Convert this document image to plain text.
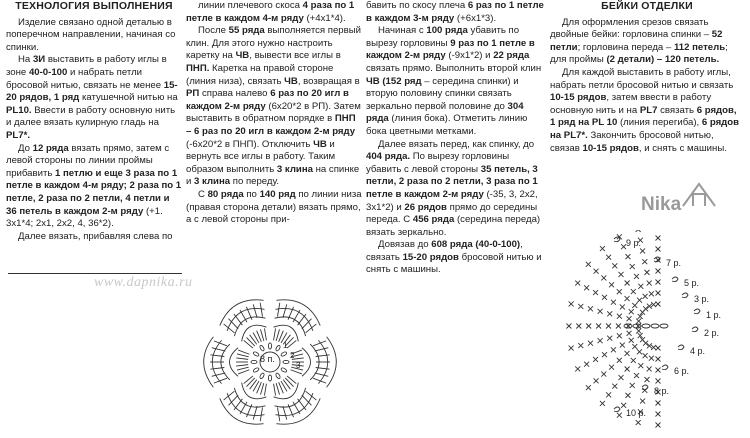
ТЕХНОЛОГИЯ ВЫПОЛНЕНИЯ

Изделие связано одной деталью в поперечном направлении, начиная со спинки.

На 3И выставить в работу иглы в зоне 40-0-100 и набрать петли бросовой нитью, связать не менее 15-20 рядов, 1 ряд катушечной нитью на PL10. Ввести в работу основную нить и далее вязать кулирную гладь на PL7*.

До 12 ряда вязать прямо, затем с левой стороны по линии проймы прибавить 1 петлю и еще 3 раза по 1 петле в каждом 4-м ряду; 2 раза по 1 петле, 2 раза по 2 петли, 4 петли и 36 петель в каждом 2-м ряду (+1. 3х1*4; 2х1, 2х2, 4, 36*2).

Далее вязать, прибавляя слева по

www.dapnika.ru

линии плечевого скоса 4 раза по 1 петле в каждом 4-м ряду (+4х1*4).

После 55 ряда выполняется первый клин. Для этого нужно настроить каретку на ЧВ, вывести все иглы в ПНП. Каретка на правой стороне (линия низа), связать ЧВ, возвращая в РП справа налево 6 раз по 20 игл в каждом 2-м ряду (6х20*2 в РП). Затем выставить в обратном порядке в ПНП – 6 раз по 20 игл в каждом 2-м ряду (-6х20*2 в ПНП). Отключить ЧВ и вернуть все иглы в работу. Таким образом выполнить 3 клина на спинке и 3 клина по переду.

С 80 ряда по 140 ряд по линии низа (правая сторона детали) вязать прямо, а с левой стороны при-

8 п.
1
2
3

бавить по скосу плеча 6 раз по 1 петле в каждом 3-м ряду (+6х1*3).

Начиная с 100 ряда убавить по вырезу горловины 9 раз по 1 петле в каждом 2-м ряду (-9х1*2) и 22 ряда связать прямо. Выполнить второй клин ЧВ (152 ряд – середина спинки) и вторую половину спинки связать зеркально первой половине до 304 ряда (линия бока). Отметить линию бока цветными метками.

Далее вязать перед, как спинку, до 404 ряда. По вырезу горловины убавить с левой стороны 35 петель, 3 петли, 2 раза по 2 петли, 3 раза по 1 петле в каждом 2-м ряду (-35, 3, 2х2, 3х1*2) и 26 рядов прямо до середины переда. С 456 ряда (середина переда) вязать зеркально.

Довязав до 608 ряда (40-0-100), связать 15-20 рядов бросовой нитью и снять с машины.

БЕЙКИ ОТДЕЛКИ

Для оформления срезов связать двойные бейки: горловина спинки – 52 петли; горловина переда – 112 петель; для проймы (2 детали) – 120 петель.

Для каждой выставить в работу иглы, набрать петли бросовой нитью и связать 10-15 рядов, затем ввести в работу основную нить и на PL7 связать 6 рядов, 1 ряд на PL 10 (линия перегиба), 6 рядов на PL7*. Закончить бросовой нитью, связав 10-15 рядов, и снять с машины.

Nika
9 р.
7 р.
5 р.
3 р.
1 р.
2 р.
4 р.
6 р.
8 р.
10 р.
